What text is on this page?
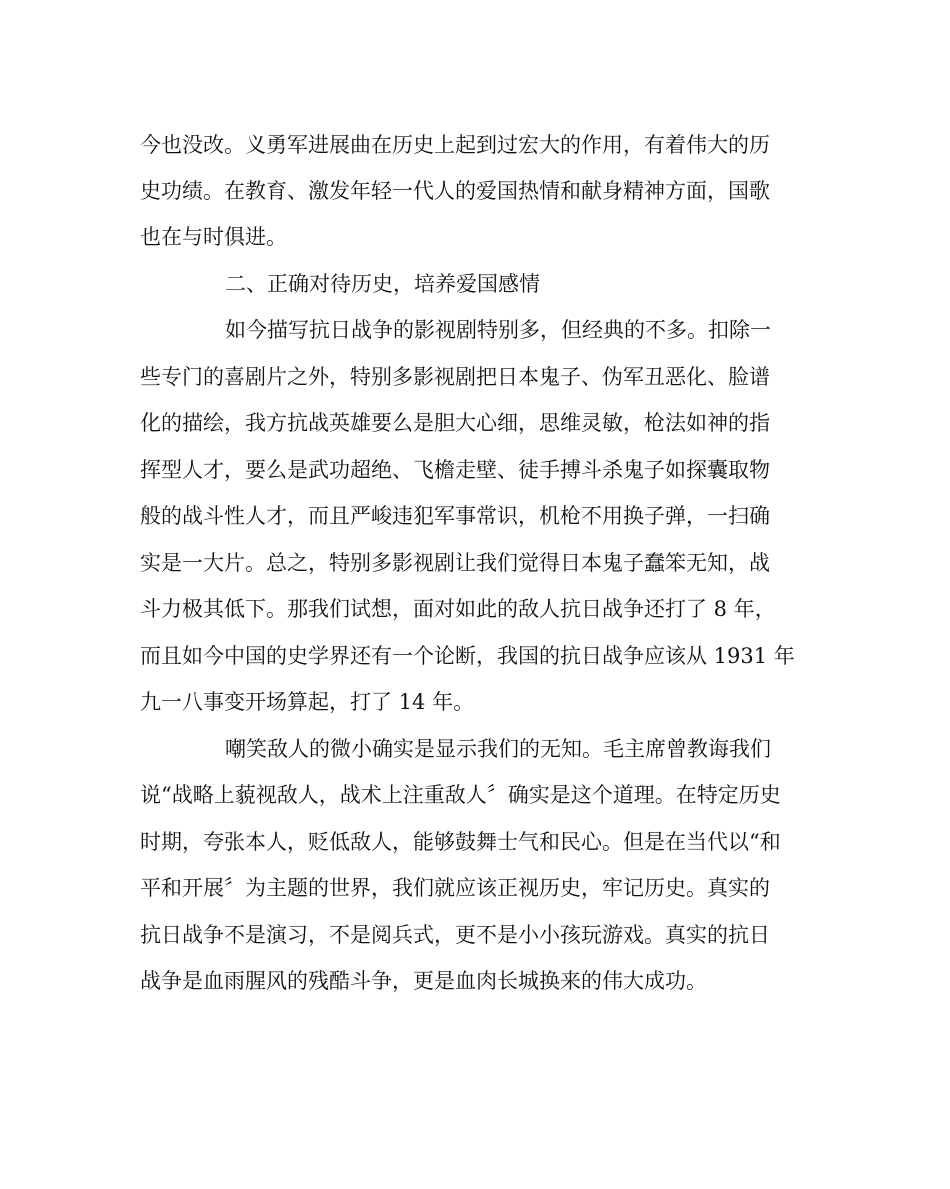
今也没改。义勇军进展曲在历史上起到过宏大的作用，有着伟大的历

史功绩。在教育、激发年轻一代人的爱国热情和献身精神方面，国歌

也在与时俱进。

二、正确对待历史，培养爱国感情

如今描写抗日战争的影视剧特别多，但经典的不多。扣除一

些专门的喜剧片之外，特别多影视剧把日本鬼子、伪军丑恶化、脸谱

化的描绘，我方抗战英雄要么是胆大心细，思维灵敏，枪法如神的指

挥型人才，要么是武功超绝、飞檐走壁、徒手搏斗杀鬼子如探囊取物

般的战斗性人才，而且严峻违犯军事常识，机枪不用换子弹，一扫确

实是一大片。总之，特别多影视剧让我们觉得日本鬼子蠢笨无知，战

斗力极其低下。那我们试想，面对如此的敌人抗日战争还打了 8 年，

而且如今中国的史学界还有一个论断，我国的抗日战争应该从 1931 年

九一八事变开场算起，打了 14 年。

嘲笑敌人的微小确实是显示我们的无知。毛主席曾教诲我们

说“战略上藐视敌人，战术上注重敌人〞确实是这个道理。在特定历史

时期，夸张本人，贬低敌人，能够鼓舞士气和民心。但是在当代以“和

平和开展〞为主题的世界，我们就应该正视历史，牢记历史。真实的

抗日战争不是演习，不是阅兵式，更不是小小孩玩游戏。真实的抗日

战争是血雨腥风的残酷斗争，更是血肉长城换来的伟大成功。
